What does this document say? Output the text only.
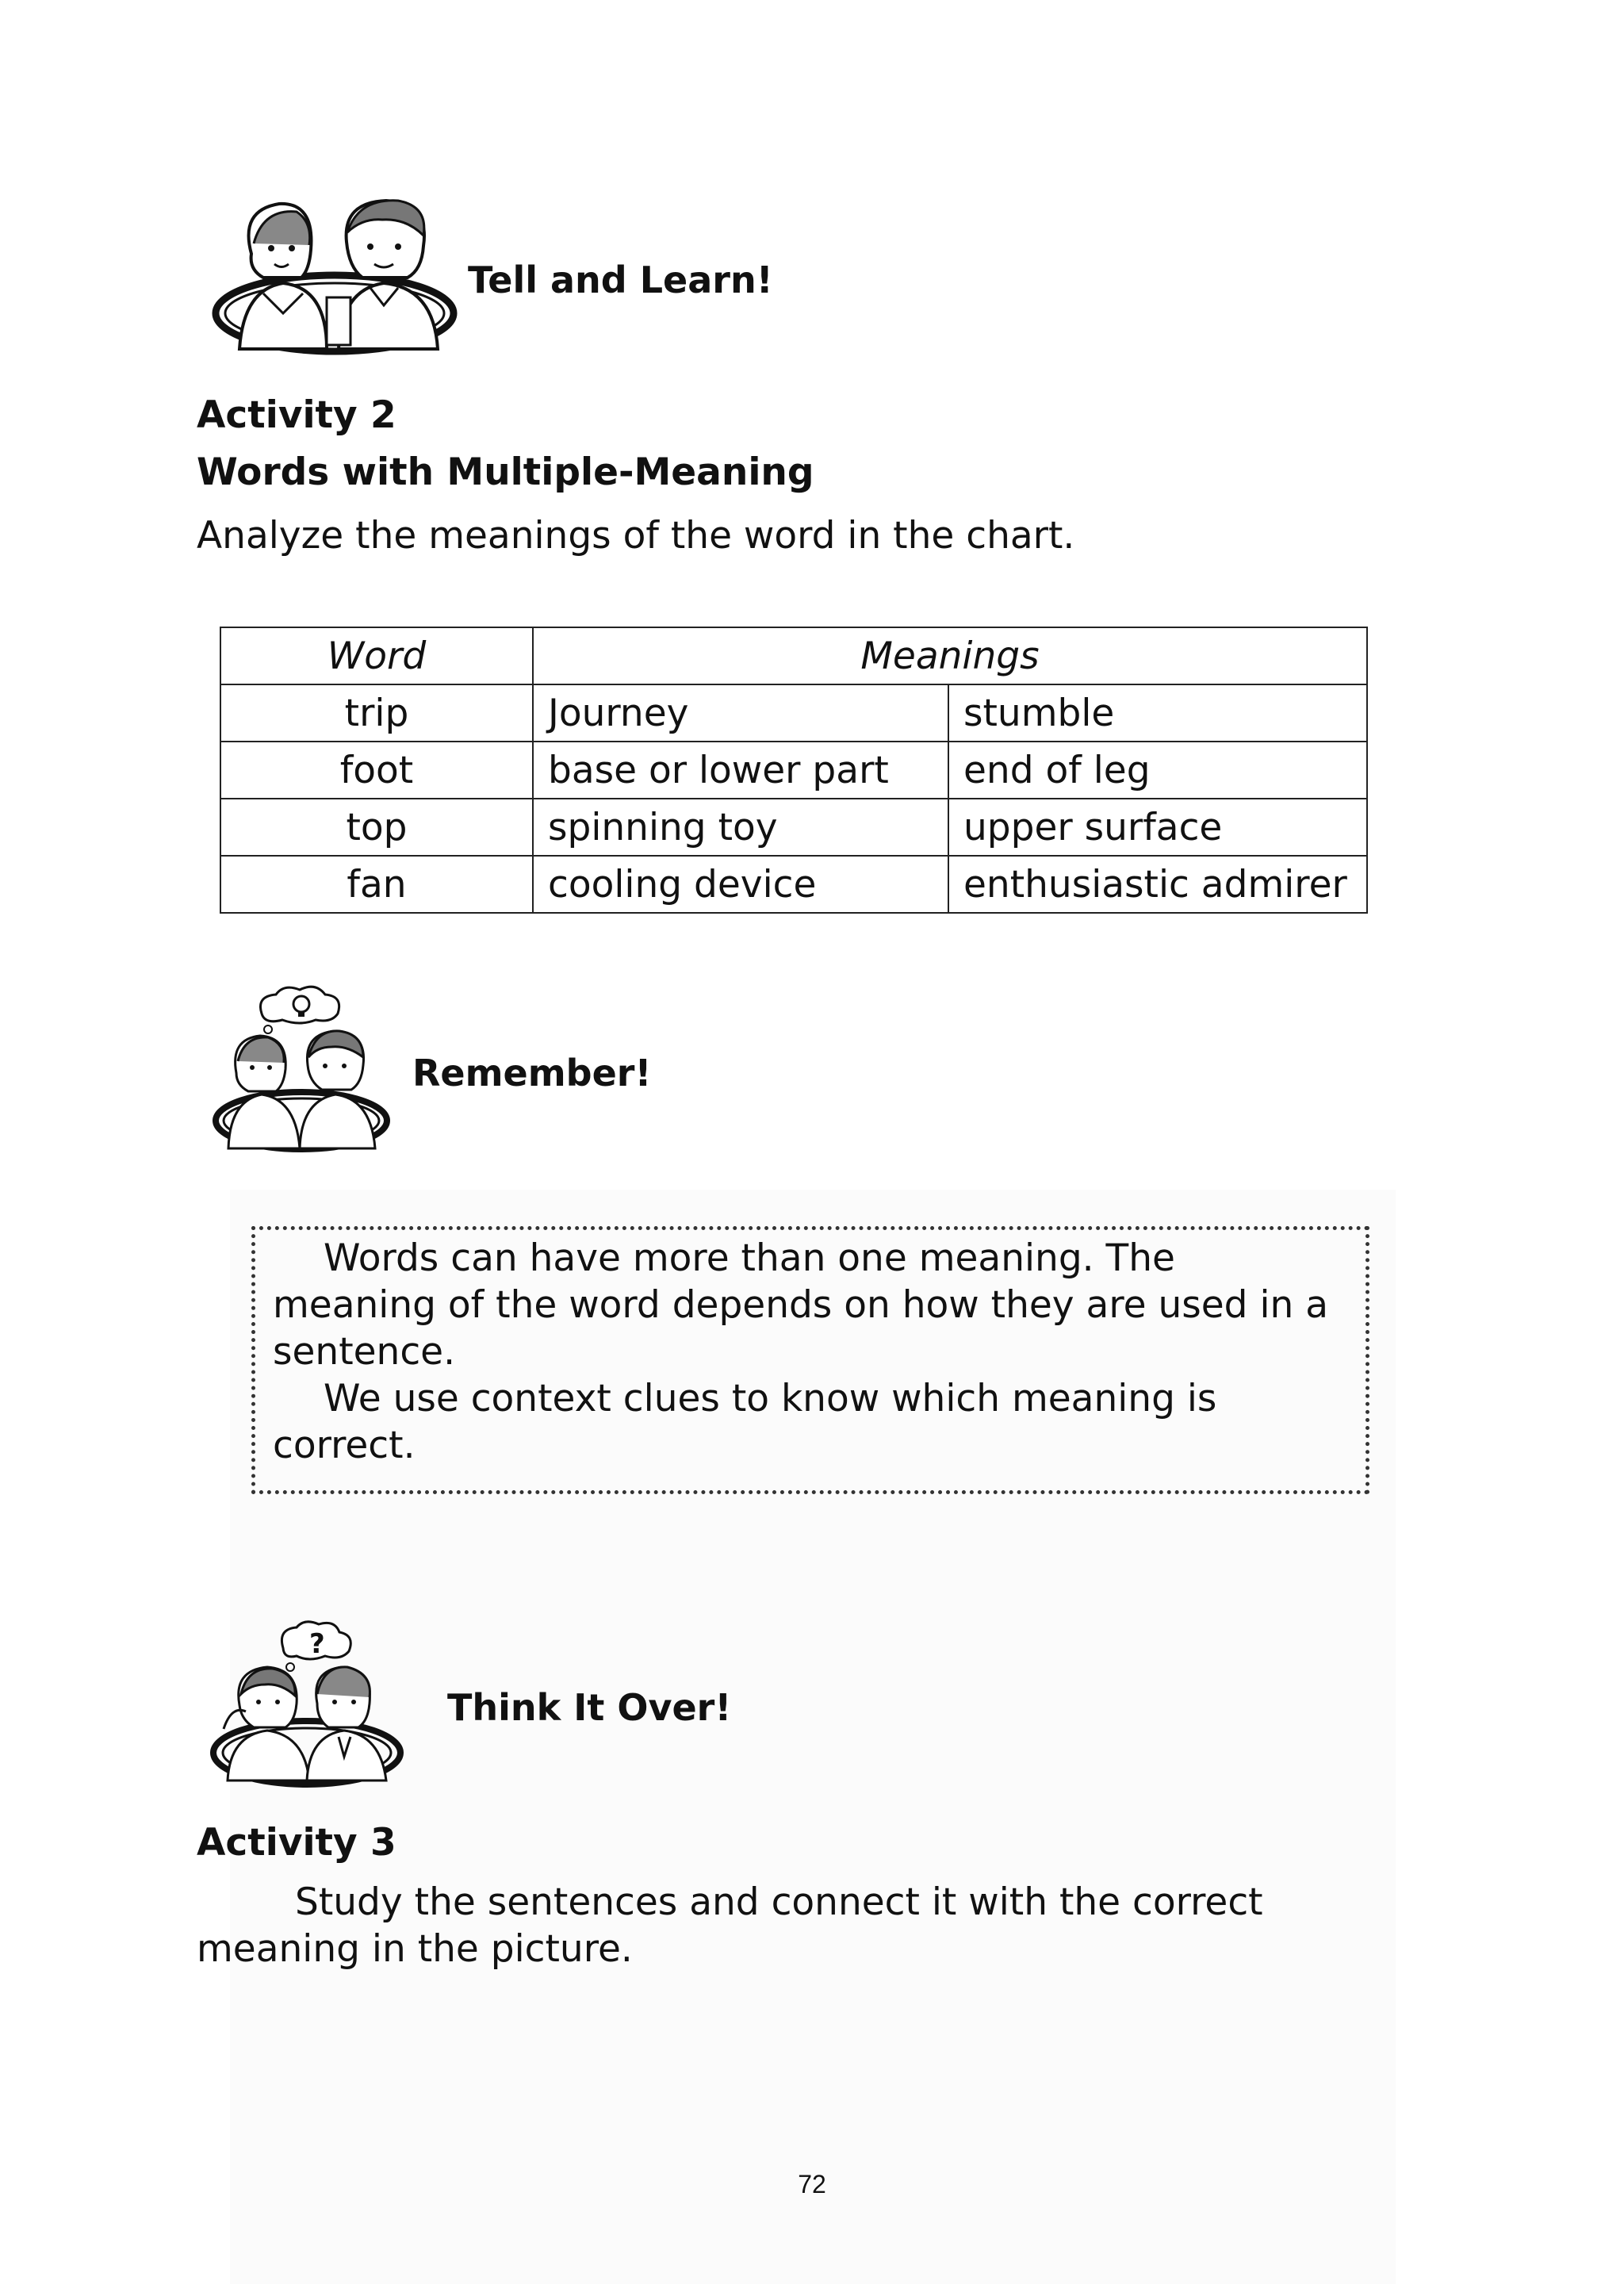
Tell and Learn!
Activity 2
Words with Multiple-Meaning
Analyze the meanings of the word in the chart.
Word	Meanings	
trip	Journey	stumble
foot	base or lower part	end of leg
top	spinning toy	upper surface
fan	cooling device	enthusiastic admirer
Remember!
Words can have more than one meaning. The
meaning of the word depends on how they are used in a
sentence.
We use context clues to know which meaning is
correct.
?
Think It Over!
Activity 3
Study the sentences and connect it with the correct
meaning in the picture.
72
